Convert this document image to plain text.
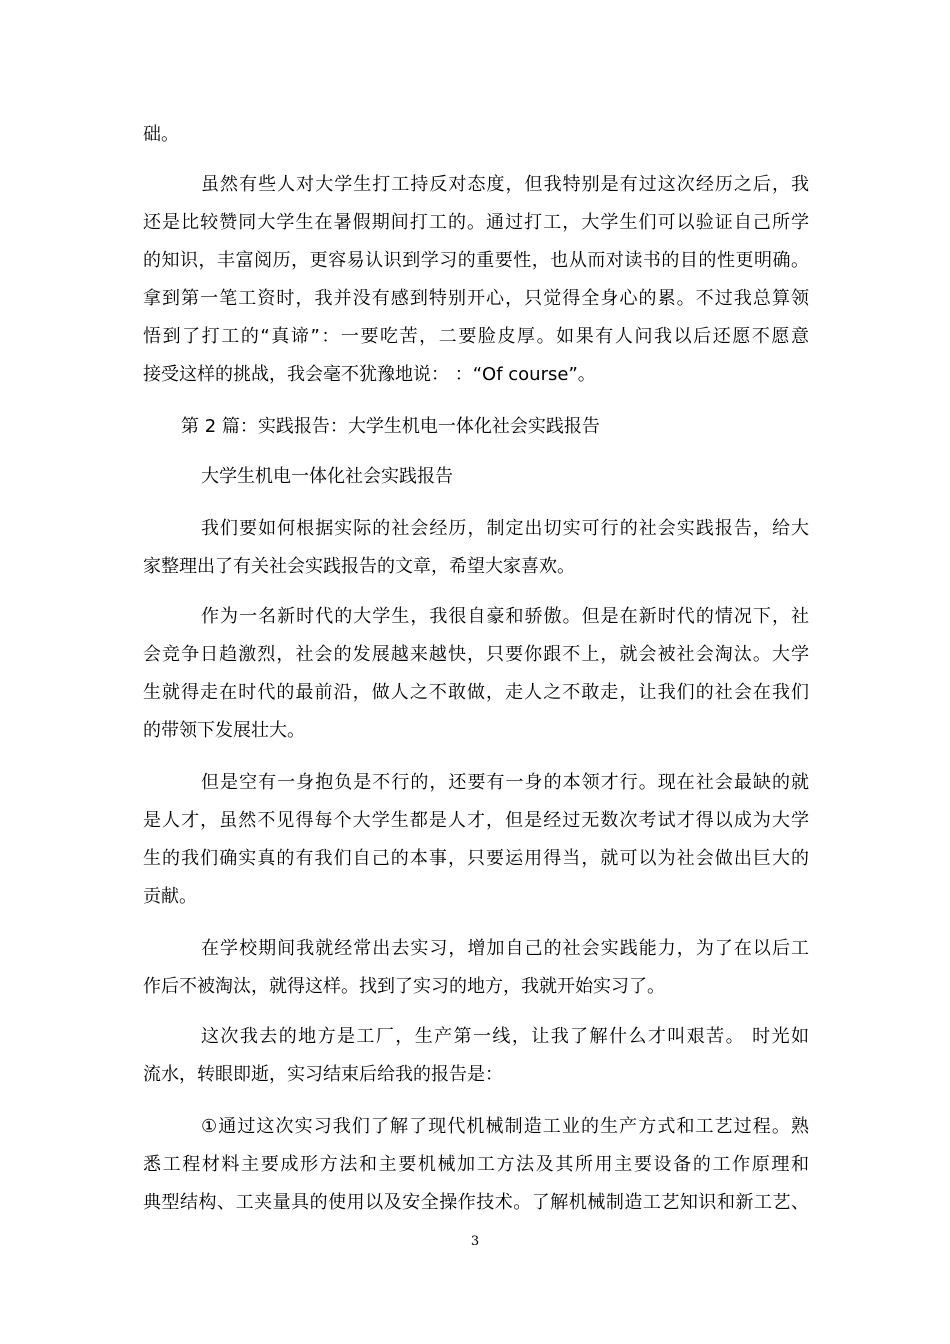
础。

虽然有些人对大学生打工持反对态度，但我特别是有过这次经历之后，我

还是比较赞同大学生在暑假期间打工的。通过打工，大学生们可以验证自己所学

的知识，丰富阅历，更容易认识到学习的重要性，也从而对读书的目的性更明确。

拿到第一笔工资时，我并没有感到特别开心，只觉得全身心的累。不过我总算领

悟到了打工的“真谛”：一要吃苦，二要脸皮厚。如果有人问我以后还愿不愿意

接受这样的挑战，我会毫不犹豫地说： ：“Of course”。

第 2 篇：实践报告：大学生机电一体化社会实践报告

大学生机电一体化社会实践报告

我们要如何根据实际的社会经历，制定出切实可行的社会实践报告，给大

家整理出了有关社会实践报告的文章，希望大家喜欢。

作为一名新时代的大学生，我很自豪和骄傲。但是在新时代的情况下，社

会竞争日趋激烈，社会的发展越来越快，只要你跟不上，就会被社会淘汰。大学

生就得走在时代的最前沿，做人之不敢做，走人之不敢走，让我们的社会在我们

的带领下发展壮大。

但是空有一身抱负是不行的，还要有一身的本领才行。现在社会最缺的就

是人才，虽然不见得每个大学生都是人才，但是经过无数次考试才得以成为大学

生的我们确实真的有我们自己的本事，只要运用得当，就可以为社会做出巨大的

贡献。

在学校期间我就经常出去实习，增加自己的社会实践能力，为了在以后工

作后不被淘汰，就得这样。找到了实习的地方，我就开始实习了。

这次我去的地方是工厂，生产第一线，让我了解什么才叫艰苦。 时光如

流水，转眼即逝，实习结束后给我的报告是：

①通过这次实习我们了解了现代机械制造工业的生产方式和工艺过程。熟

悉工程材料主要成形方法和主要机械加工方法及其所用主要设备的工作原理和

典型结构、工夹量具的使用以及安全操作技术。了解机械制造工艺知识和新工艺、

3
